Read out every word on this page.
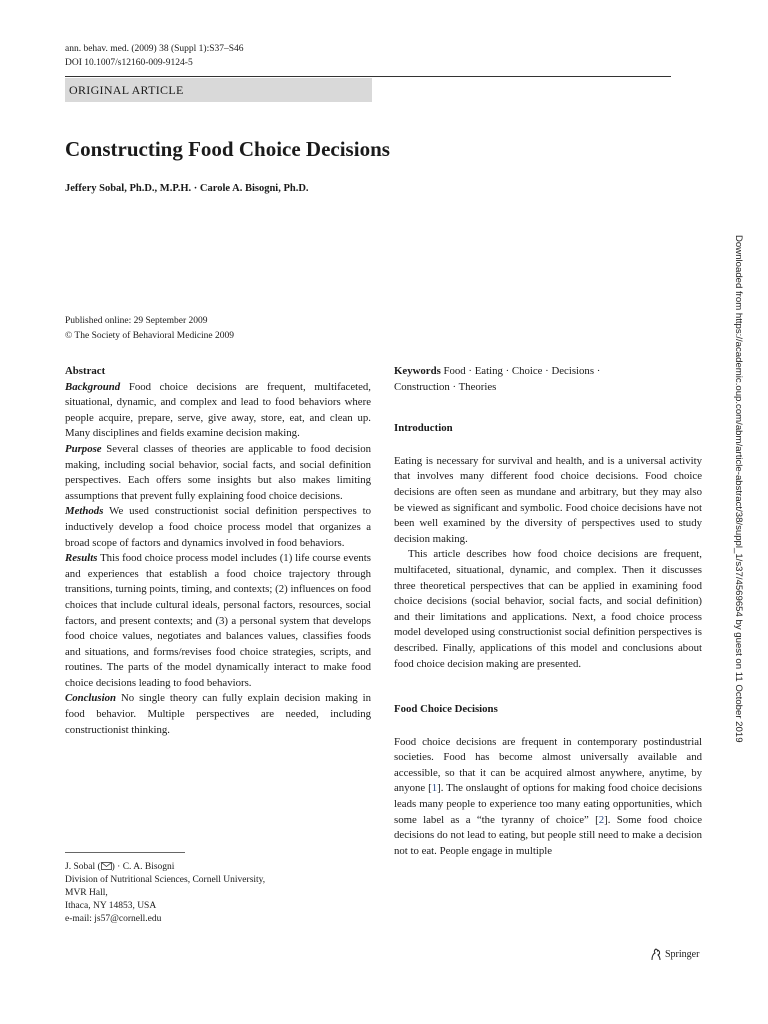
ann. behav. med. (2009) 38 (Suppl 1):S37–S46
DOI 10.1007/s12160-009-9124-5
ORIGINAL ARTICLE
Constructing Food Choice Decisions
Jeffery Sobal, Ph.D., M.P.H. · Carole A. Bisogni, Ph.D.
Published online: 29 September 2009
© The Society of Behavioral Medicine 2009

Abstract

Background Food choice decisions are frequent, multifaceted, situational, dynamic, and complex and lead to food behaviors where people acquire, prepare, serve, give away, store, eat, and clean up. Many disciplines and fields examine decision making.

Purpose Several classes of theories are applicable to food decision making, including social behavior, social facts, and social definition perspectives. Each offers some insights but also makes limiting assumptions that prevent fully explaining food choice decisions.

Methods We used constructionist social definition perspectives to inductively develop a food choice process model that organizes a broad scope of factors and dynamics involved in food behaviors.

Results This food choice process model includes (1) life course events and experiences that establish a food choice trajectory through transitions, turning points, timing, and contexts; (2) influences on food choices that include cultural ideals, personal factors, resources, social factors, and present contexts; and (3) a personal system that develops food choice values, negotiates and balances values, classifies foods and situations, and forms/revises food choice strategies, scripts, and routines. The parts of the model dynamically interact to make food choice decisions leading to food behaviors.

Conclusion No single theory can fully explain decision making in food behavior. Multiple perspectives are needed, including constructionist thinking.

J. Sobal ( ) · C. A. Bisogni
Division of Nutritional Sciences, Cornell University,
MVR Hall,
Ithaca, NY 14853, USA
e-mail: js57@cornell.edu

Keywords Food · Eating · Choice · Decisions ·
Construction · Theories

Introduction

Eating is necessary for survival and health, and is a universal activity that involves many different food choice decisions. Food choice decisions are often seen as mundane and arbitrary, but they may also be viewed as significant and symbolic. Food choice decisions have not been well examined by the diversity of perspectives used to study decision making.

This article describes how food choice decisions are frequent, multifaceted, situational, dynamic, and complex. Then it discusses three theoretical perspectives that can be applied in examining food choice decisions (social behavior, social facts, and social definition) and their limitations and applications. Next, a food choice process model developed using constructionist social definition perspectives is described. Finally, applications of this model and conclusions about food choice decision making are presented.

Food Choice Decisions

Food choice decisions are frequent in contemporary postindustrial societies. Food has become almost universally available and accessible, so that it can be acquired almost anywhere, anytime, by anyone [1]. The onslaught of options for making food choice decisions leads many people to experience too many eating opportunities, which some label as a “the tyranny of choice” [2]. Some food choice decisions do not lead to eating, but people still need to make a decision not to eat. People engage in multiple

Downloaded from https://academic.oup.com/abm/article-abstract/38/suppl_1/s37/4569654 by guest on 11 October 2019
Springer
